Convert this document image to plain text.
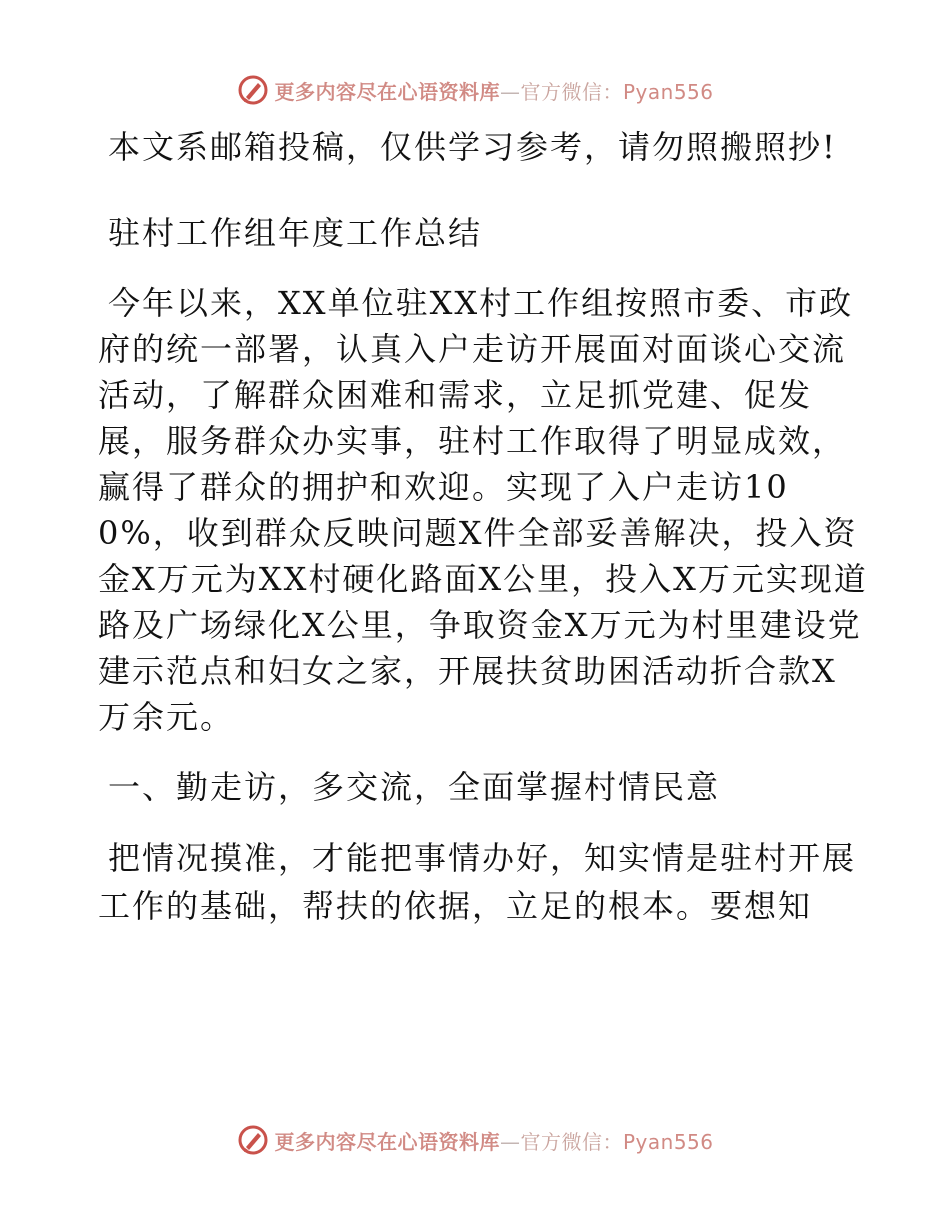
更多内容尽在心语资料库—官方微信：Pyan556

本文系邮箱投稿，仅供学习参考，请勿照搬照抄!

驻村工作组年度工作总结

今年以来，XX单位驻XX村工作组按照市委、市政府的统一部署，认真入户走访开展面对面谈心交流活动，了解群众困难和需求，立足抓党建、促发展，服务群众办实事，驻村工作取得了明显成效，赢得了群众的拥护和欢迎。实现了入户走访100%，收到群众反映问题X件全部妥善解决，投入资金X万元为XX村硬化路面X公里，投入X万元实现道路及广场绿化X公里，争取资金X万元为村里建设党建示范点和妇女之家，开展扶贫助困活动折合款X万余元。

一、勤走访，多交流，全面掌握村情民意

把情况摸准，才能把事情办好，知实情是驻村开展工作的基础，帮扶的依据，立足的根本。要想知

更多内容尽在心语资料库—官方微信：Pyan556
